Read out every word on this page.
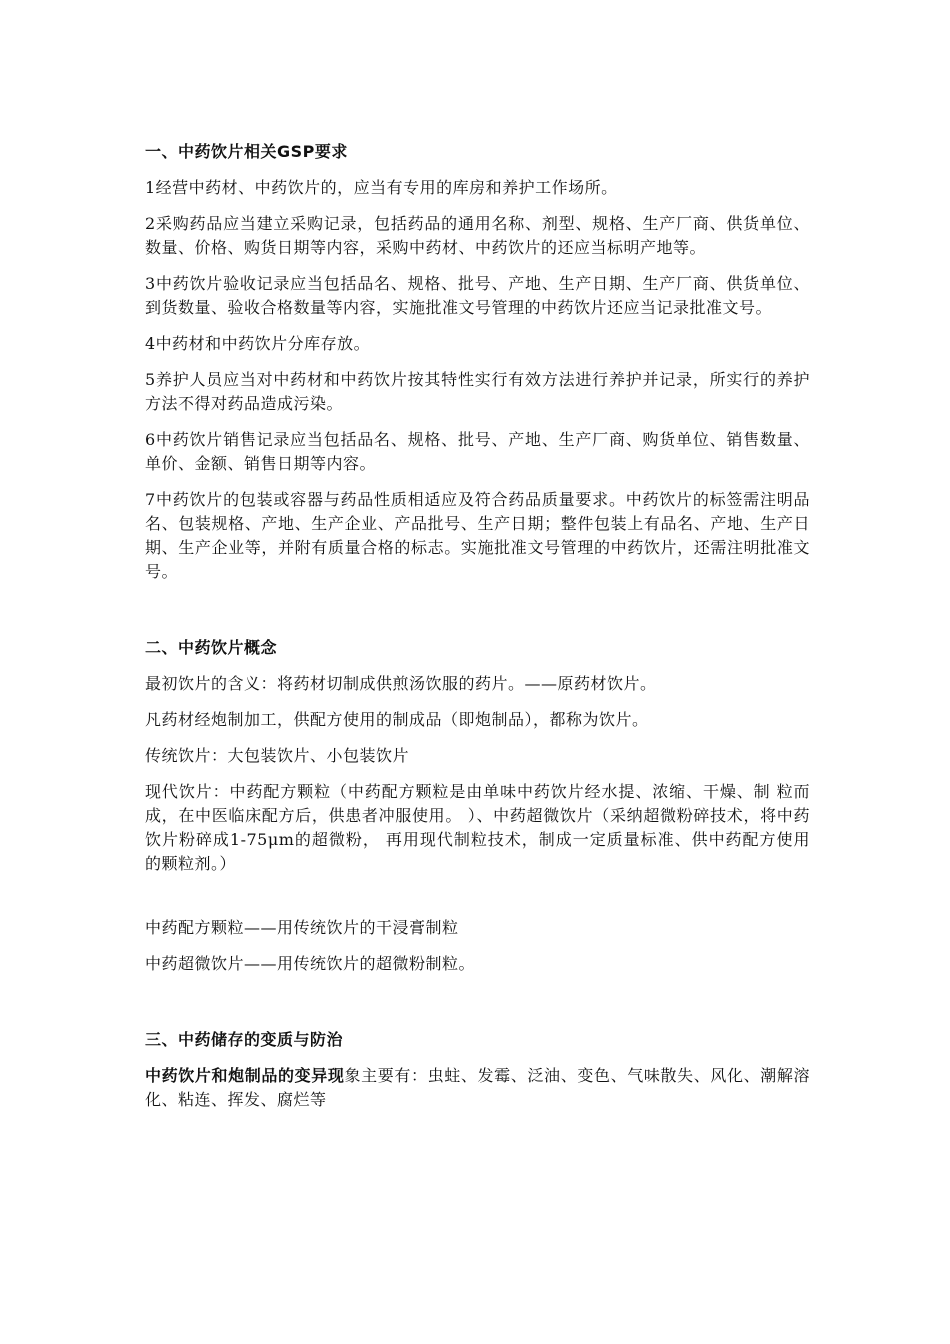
一、中药饮片相关GSP要求

1经营中药材、中药饮片的，应当有专用的库房和养护工作场所。

2采购药品应当建立采购记录，包括药品的通用名称、剂型、规格、生产厂商、供货单位、数量、价格、购货日期等内容，采购中药材、中药饮片的还应当标明产地等。

3中药饮片验收记录应当包括品名、规格、批号、产地、生产日期、生产厂商、供货单位、到货数量、验收合格数量等内容，实施批准文号管理的中药饮片还应当记录批准文号。

4中药材和中药饮片分库存放。

5养护人员应当对中药材和中药饮片按其特性实行有效方法进行养护并记录，所实行的养护方法不得对药品造成污染。

6中药饮片销售记录应当包括品名、规格、批号、产地、生产厂商、购货单位、销售数量、单价、金额、销售日期等内容。

7中药饮片的包装或容器与药品性质相适应及符合药品质量要求。中药饮片的标签需注明品名、包装规格、产地、生产企业、产品批号、生产日期；整件包装上有品名、产地、生产日期、生产企业等，并附有质量合格的标志。实施批准文号管理的中药饮片，还需注明批准文号。

二、中药饮片概念

最初饮片的含义：将药材切制成供煎汤饮服的药片。——原药材饮片。

凡药材经炮制加工，供配方使用的制成品（即炮制品），都称为饮片。

传统饮片：大包装饮片、小包装饮片

现代饮片：中药配方颗粒（中药配方颗粒是由单味中药饮片经水提、浓缩、干燥、制 粒而成，在中医临床配方后，供患者冲服使用。 ）、中药超微饮片（采纳超微粉碎技术，将中药饮片粉碎成1-75μm的超微粉， 再用现代制粒技术，制成一定质量标准、供中药配方使用 的颗粒剂。）

中药配方颗粒——用传统饮片的干浸膏制粒

中药超微饮片——用传统饮片的超微粉制粒。

三、中药储存的变质与防治

中药饮片和炮制品的变异现象主要有：虫蛀、发霉、泛油、变色、气味散失、风化、潮解溶化、粘连、挥发、腐烂等
